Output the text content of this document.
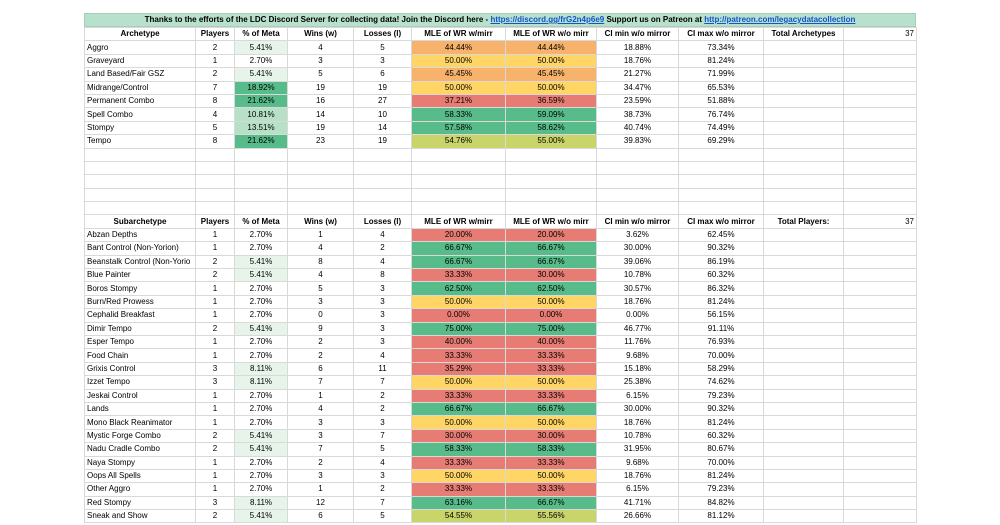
Thanks to the efforts of the LDC Discord Server for collecting data! Join the Discord here - https://discord.gg/frG2n4p6e9 Support us on Patreon at http://patreon.com/legacydatacollection
Archetype	Players	% of Meta	Wins (w)	Losses (l)	MLE of WR w/mirr	MLE of WR w/o mirr	CI min w/o mirror	CI max w/o mirror	Total Archetypes	37
Aggro	2	5.41%	4	5	44.44%	44.44%	18.88%	73.34%		
Graveyard	1	2.70%	3	3	50.00%	50.00%	18.76%	81.24%		
Land Based/Fair GSZ	2	5.41%	5	6	45.45%	45.45%	21.27%	71.99%		
Midrange/Control	7	18.92%	19	19	50.00%	50.00%	34.47%	65.53%		
Permanent Combo	8	21.62%	16	27	37.21%	36.59%	23.59%	51.88%		
Spell Combo	4	10.81%	14	10	58.33%	59.09%	38.73%	76.74%		
Stompy	5	13.51%	19	14	57.58%	58.62%	40.74%	74.49%		
Tempo	8	21.62%	23	19	54.76%	55.00%	39.83%	69.29%		

Subarchetype	Players	% of Meta	Wins (w)	Losses (l)	MLE of WR w/mirr	MLE of WR w/o mirr	CI min w/o mirror	CI max w/o mirror	Total Players:	37
Abzan Depths	1	2.70%	1	4	20.00%	20.00%	3.62%	62.45%		
Bant Control (Non-Yorion)	1	2.70%	4	2	66.67%	66.67%	30.00%	90.32%		
Beanstalk Control (Non-Yorio	2	5.41%	8	4	66.67%	66.67%	39.06%	86.19%		
Blue Painter	2	5.41%	4	8	33.33%	30.00%	10.78%	60.32%		
Boros Stompy	1	2.70%	5	3	62.50%	62.50%	30.57%	86.32%		
Burn/Red Prowess	1	2.70%	3	3	50.00%	50.00%	18.76%	81.24%		
Cephalid Breakfast	1	2.70%	0	3	0.00%	0.00%	0.00%	56.15%		
Dimir Tempo	2	5.41%	9	3	75.00%	75.00%	46.77%	91.11%		
Esper Tempo	1	2.70%	2	3	40.00%	40.00%	11.76%	76.93%		
Food Chain	1	2.70%	2	4	33.33%	33.33%	9.68%	70.00%		
Grixis Control	3	8.11%	6	11	35.29%	33.33%	15.18%	58.29%		
Izzet Tempo	3	8.11%	7	7	50.00%	50.00%	25.38%	74.62%		
Jeskai Control	1	2.70%	1	2	33.33%	33.33%	6.15%	79.23%		
Lands	1	2.70%	4	2	66.67%	66.67%	30.00%	90.32%		
Mono Black Reanimator	1	2.70%	3	3	50.00%	50.00%	18.76%	81.24%		
Mystic Forge Combo	2	5.41%	3	7	30.00%	30.00%	10.78%	60.32%		
Nadu Cradle Combo	2	5.41%	7	5	58.33%	58.33%	31.95%	80.67%		
Naya Stompy	1	2.70%	2	4	33.33%	33.33%	9.68%	70.00%		
Oops All Spells	1	2.70%	3	3	50.00%	50.00%	18.76%	81.24%		
Other Aggro	1	2.70%	1	2	33.33%	33.33%	6.15%	79.23%		
Red Stompy	3	8.11%	12	7	63.16%	66.67%	41.71%	84.82%		
Sneak and Show	2	5.41%	6	5	54.55%	55.56%	26.66%	81.12%		
